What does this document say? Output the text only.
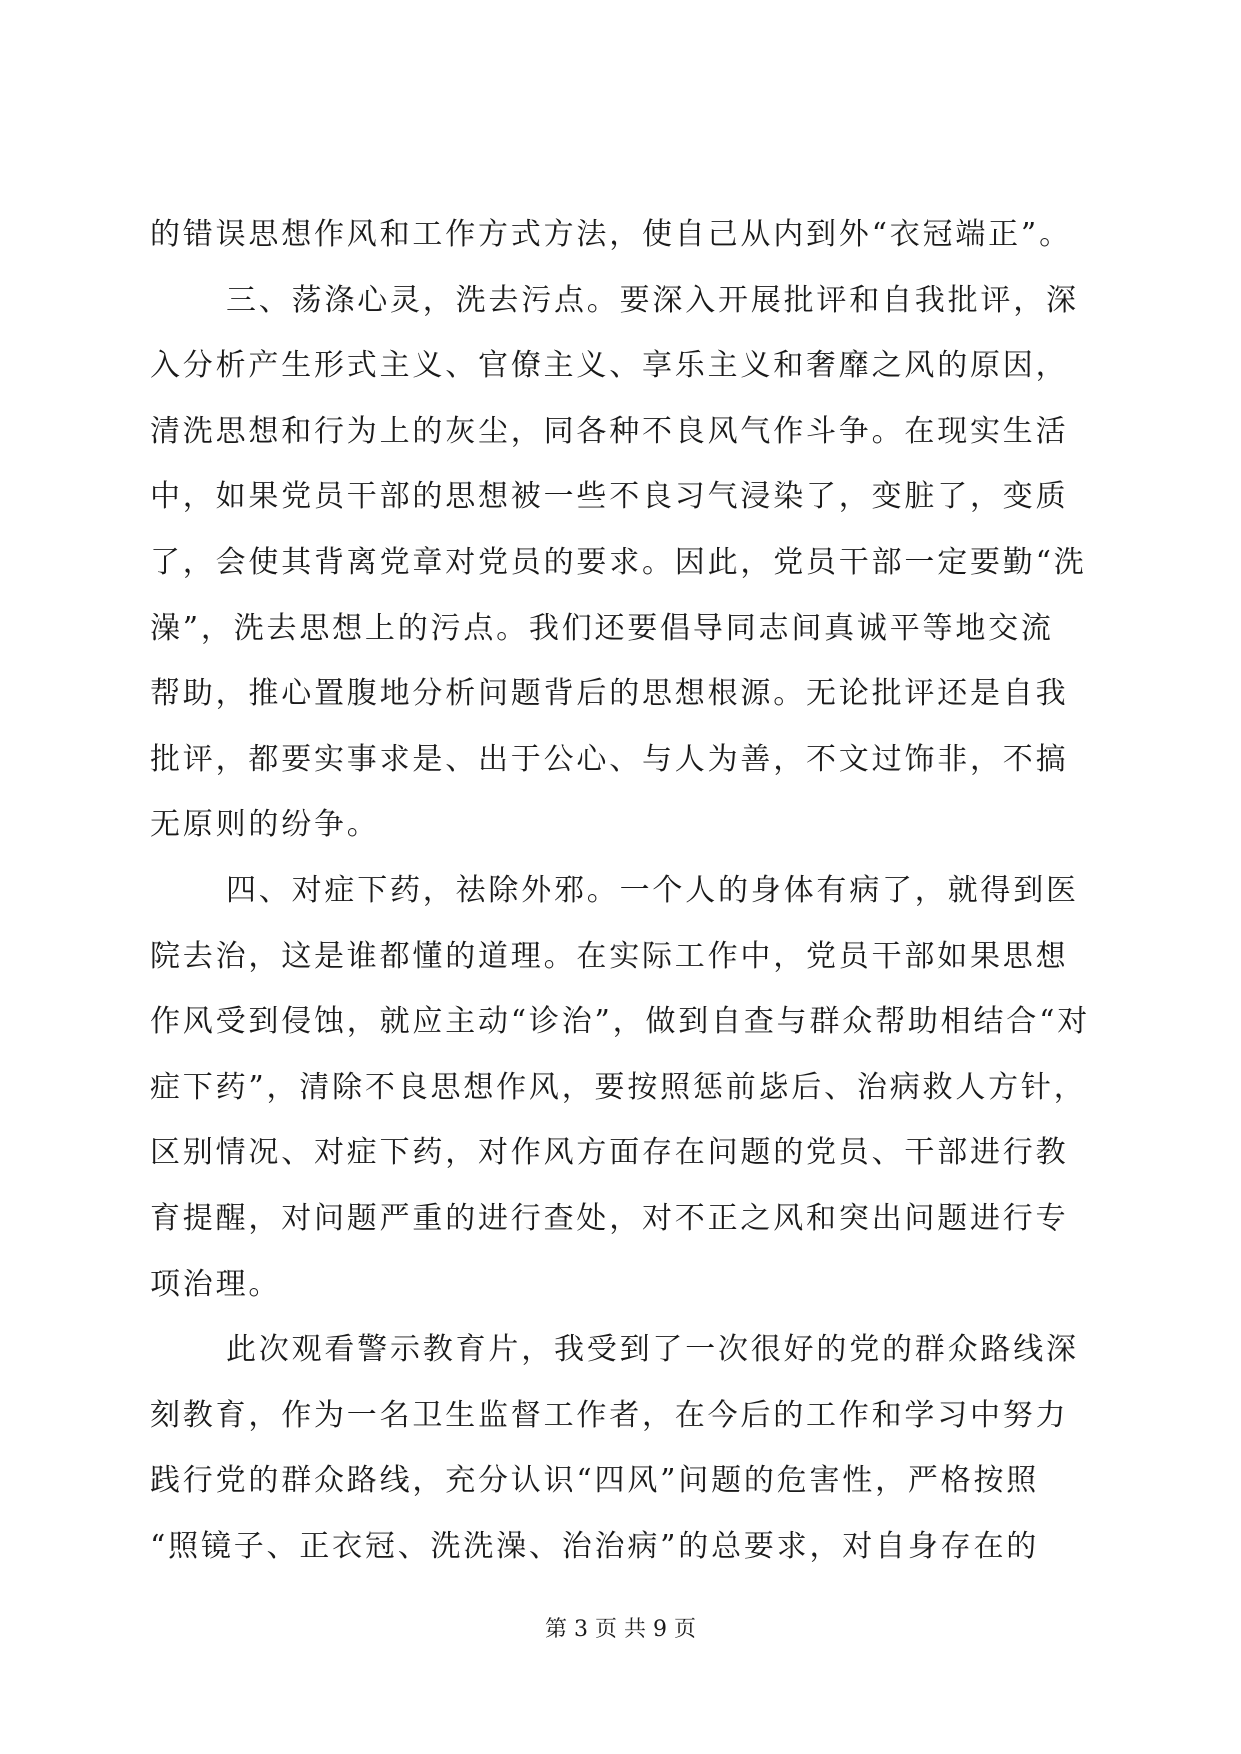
的错误思想作风和工作方式方法，使自己从内到外“衣冠端正”。
三、荡涤心灵，洗去污点。要深入开展批评和自我批评，深
入分析产生形式主义、官僚主义、享乐主义和奢靡之风的原因，
清洗思想和行为上的灰尘，同各种不良风气作斗争。在现实生活
中，如果党员干部的思想被一些不良习气浸染了，变脏了，变质
了，会使其背离党章对党员的要求。因此，党员干部一定要勤“洗
澡”，洗去思想上的污点。我们还要倡导同志间真诚平等地交流
帮助，推心置腹地分析问题背后的思想根源。无论批评还是自我
批评，都要实事求是、出于公心、与人为善，不文过饰非，不搞
无原则的纷争。
四、对症下药，祛除外邪。一个人的身体有病了，就得到医
院去治，这是谁都懂的道理。在实际工作中，党员干部如果思想
作风受到侵蚀，就应主动“诊治”，做到自查与群众帮助相结合“对
症下药”，清除不良思想作风，要按照惩前毖后、治病救人方针，
区别情况、对症下药，对作风方面存在问题的党员、干部进行教
育提醒，对问题严重的进行查处，对不正之风和突出问题进行专
项治理。
此次观看警示教育片，我受到了一次很好的党的群众路线深
刻教育，作为一名卫生监督工作者，在今后的工作和学习中努力
践行党的群众路线，充分认识“四风”问题的危害性，严格按照
“照镜子、正衣冠、洗洗澡、治治病”的总要求，对自身存在的
第 3 页 共 9 页
